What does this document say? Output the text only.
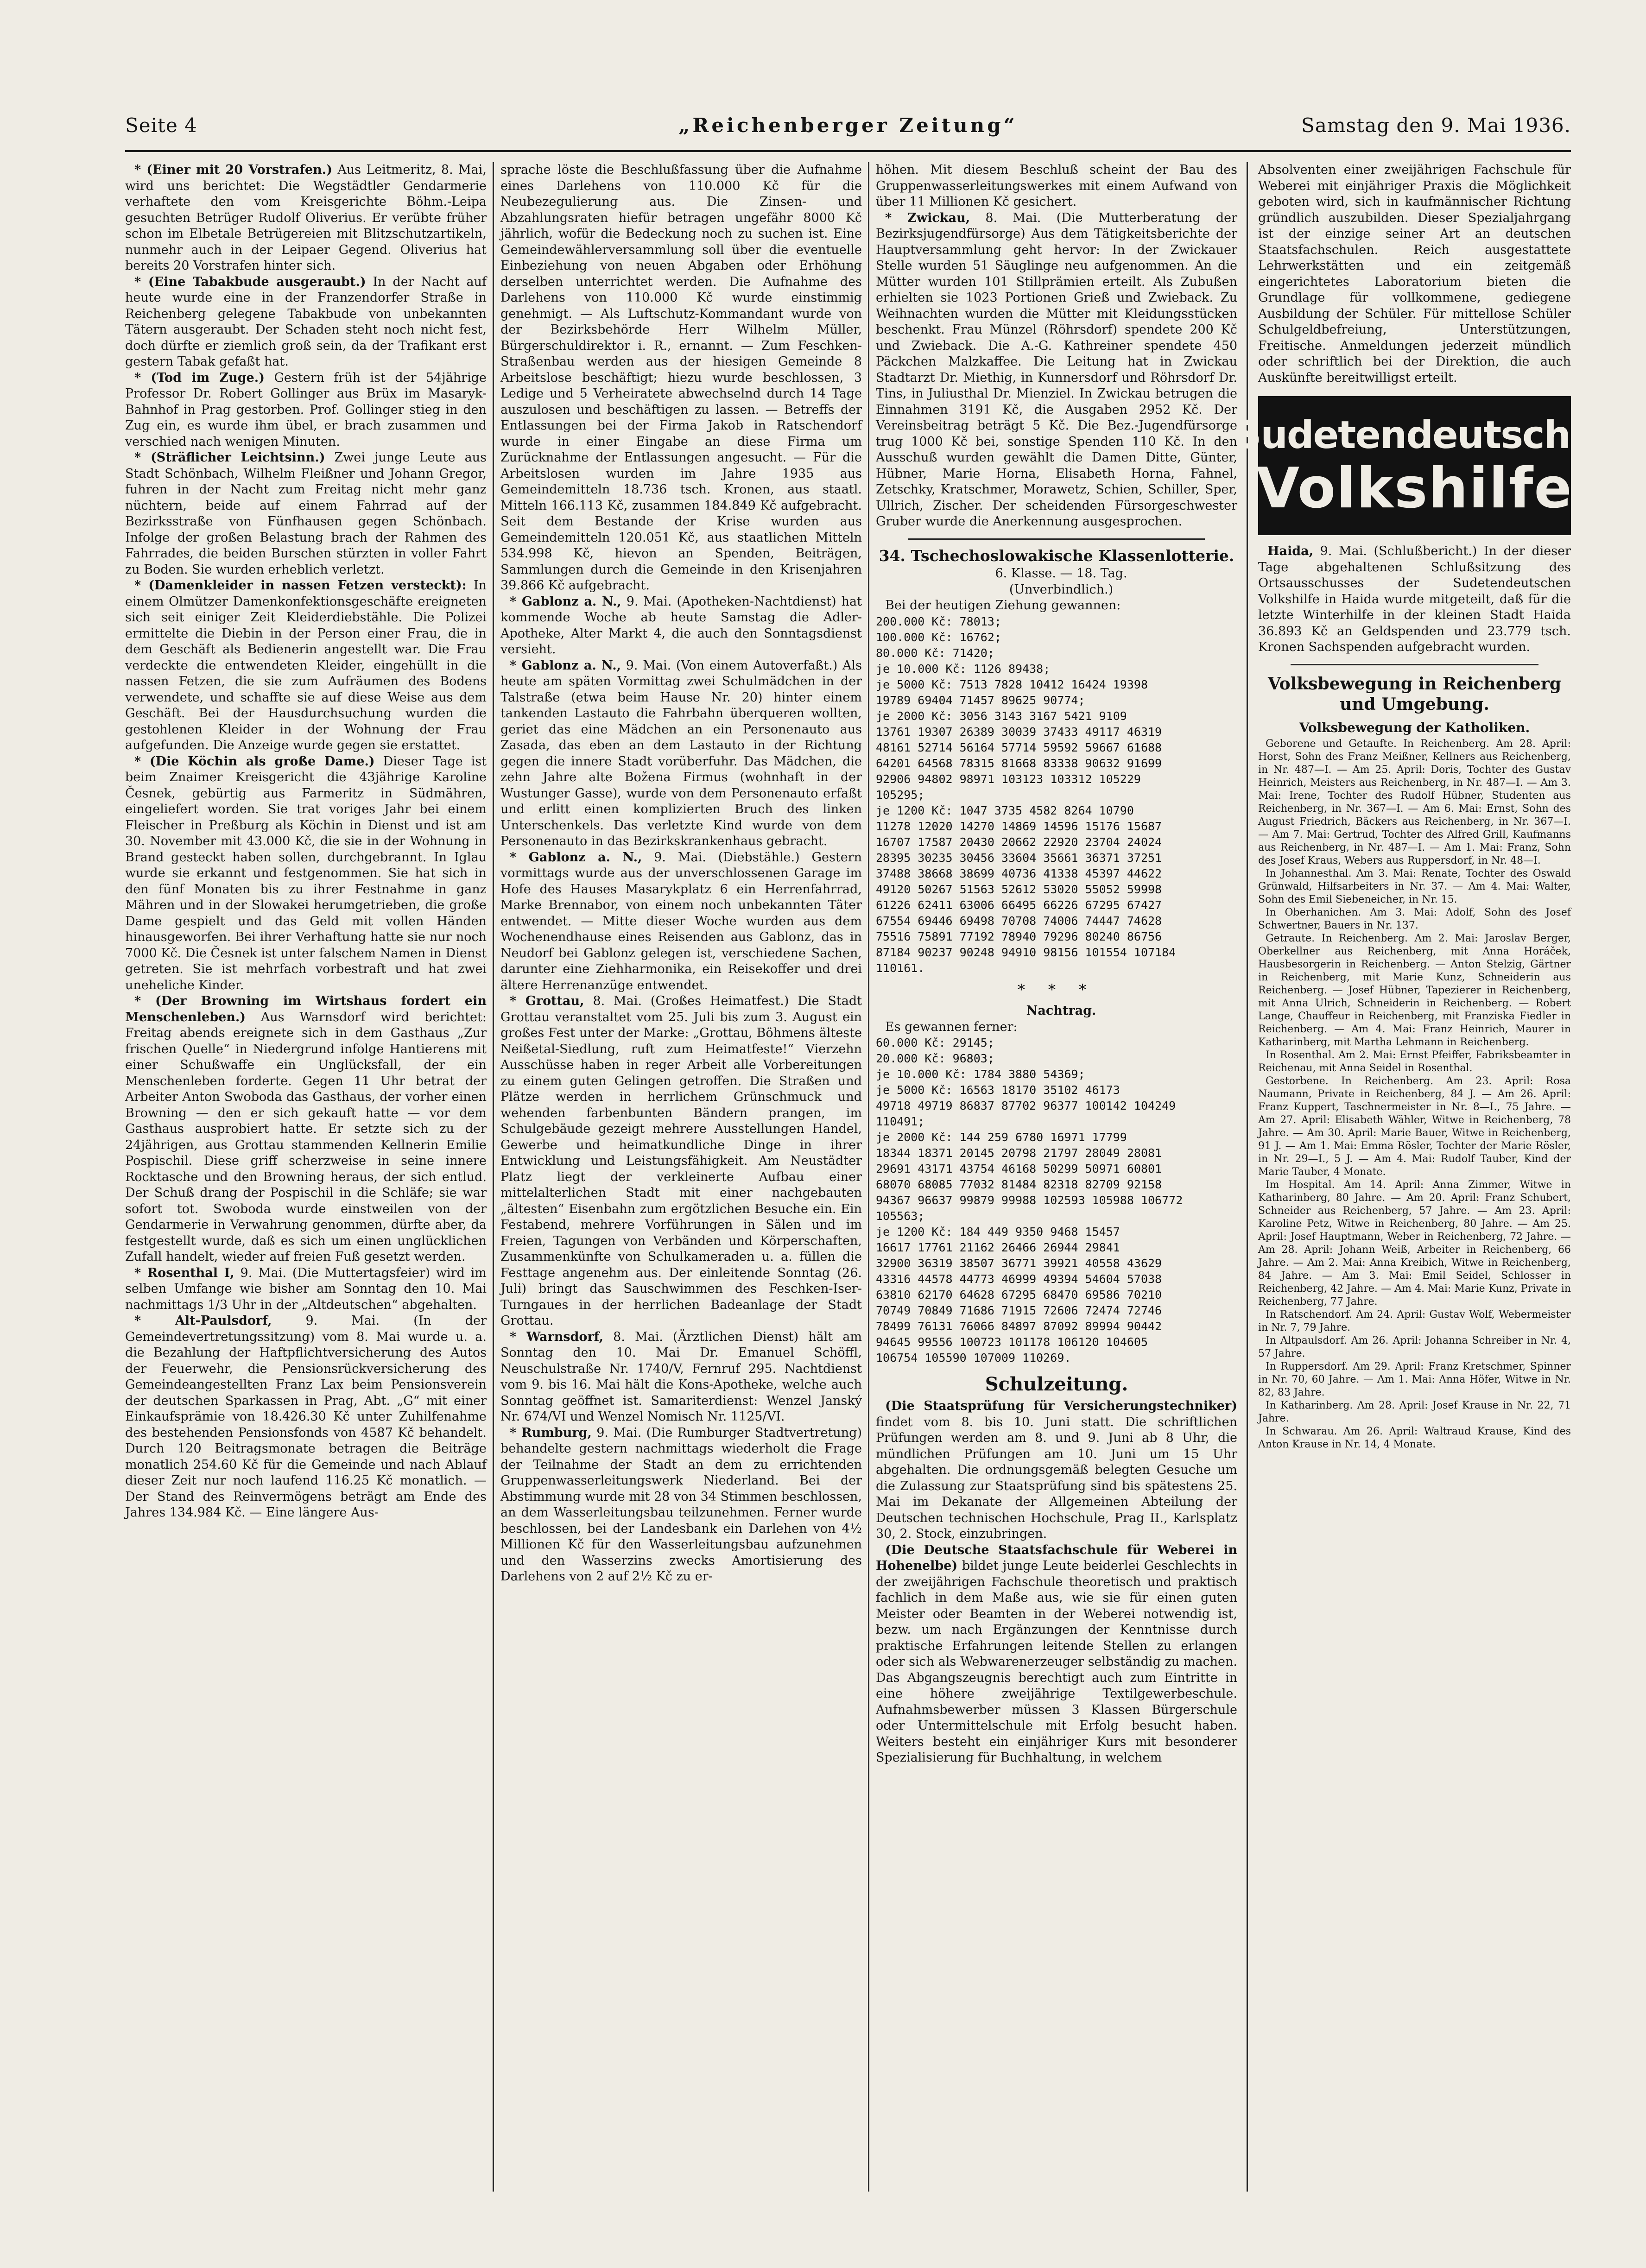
Seite 4	„Reichenberger Zeitung“	Samstag den 9. Mai 1936.

* (Einer mit 20 Vorstrafen.) Aus Leitmeritz, 8. Mai, wird uns berichtet: Die Wegstädtler Gendarmerie verhaftete den vom Kreisgerichte Böhm.-Leipa gesuchten Betrüger Rudolf Oliverius. Er verübte früher schon im Elbetale Betrügereien mit Blitzschutzartikeln, nunmehr auch in der Leipaer Gegend. Oliverius hat bereits 20 Vorstrafen hinter sich.

* (Eine Tabakbude ausgeraubt.) In der Nacht auf heute wurde eine in der Franzendorfer Straße in Reichenberg gelegene Tabakbude von unbekannten Tätern ausgeraubt. Der Schaden steht noch nicht fest, doch dürfte er ziemlich groß sein, da der Trafikant erst gestern Tabak gefaßt hat.

* (Tod im Zuge.) Gestern früh ist der 54jährige Professor Dr. Robert Gollinger aus Brüx im Masaryk-Bahnhof in Prag gestorben. Prof. Gollinger stieg in den Zug ein, es wurde ihm übel, er brach zusammen und verschied nach wenigen Minuten.

* (Sträflicher Leichtsinn.) Zwei junge Leute aus Stadt Schönbach, Wilhelm Fleißner und Johann Gregor, fuhren in der Nacht zum Freitag nicht mehr ganz nüchtern, beide auf einem Fahrrad auf der Bezirksstraße von Fünfhausen gegen Schönbach. Infolge der großen Belastung brach der Rahmen des Fahrrades, die beiden Burschen stürzten in voller Fahrt zu Boden. Sie wurden erheblich verletzt.

* (Damenkleider in nassen Fetzen versteckt): In einem Olmützer Damenkonfektionsgeschäfte ereigneten sich seit einiger Zeit Kleiderdiebstähle. Die Polizei ermittelte die Diebin in der Person einer Frau, die in dem Geschäft als Bedienerin angestellt war. Die Frau verdeckte die entwendeten Kleider, eingehüllt in die nassen Fetzen, die sie zum Aufräumen des Bodens verwendete, und schaffte sie auf diese Weise aus dem Geschäft. Bei der Hausdurchsuchung wurden die gestohlenen Kleider in der Wohnung der Frau aufgefunden. Die Anzeige wurde gegen sie erstattet.

* (Die Köchin als große Dame.) Dieser Tage ist beim Znaimer Kreisgericht die 43jährige Karoline Česnek, gebürtig aus Farmeritz in Südmähren, eingeliefert worden. Sie trat voriges Jahr bei einem Fleischer in Preßburg als Köchin in Dienst und ist am 30. November mit 43.000 Kč, die sie in der Wohnung in Brand gesteckt haben sollen, durchgebrannt. In Iglau wurde sie erkannt und festgenommen. Sie hat sich in den fünf Monaten bis zu ihrer Festnahme in ganz Mähren und in der Slowakei herumgetrieben, die große Dame gespielt und das Geld mit vollen Händen hinausgeworfen. Bei ihrer Verhaftung hatte sie nur noch 7000 Kč. Die Česnek ist unter falschem Namen in Dienst getreten. Sie ist mehrfach vorbestraft und hat zwei uneheliche Kinder.

* (Der Browning im Wirtshaus fordert ein Menschenleben.) Aus Warnsdorf wird berichtet: Freitag abends ereignete sich in dem Gasthaus „Zur frischen Quelle“ in Niedergrund infolge Hantierens mit einer Schußwaffe ein Unglücksfall, der ein Menschenleben forderte. Gegen 11 Uhr betrat der Arbeiter Anton Swoboda das Gasthaus, der vorher einen Browning — den er sich gekauft hatte — vor dem Gasthaus ausprobiert hatte. Er setzte sich zu der 24jährigen, aus Grottau stammenden Kellnerin Emilie Pospischil. Diese griff scherzweise in seine innere Rocktasche und den Browning heraus, der sich entlud. Der Schuß drang der Pospischil in die Schläfe; sie war sofort tot. Swoboda wurde einstweilen von der Gendarmerie in Verwahrung genommen, dürfte aber, da festgestellt wurde, daß es sich um einen unglücklichen Zufall handelt, wieder auf freien Fuß gesetzt werden.

* Rosenthal I, 9. Mai. (Die Muttertagsfeier) wird im selben Umfange wie bisher am Sonntag den 10. Mai nachmittags 1/3 Uhr in der „Altdeutschen“ abgehalten.

* Alt-Paulsdorf,	9. Mai. (In der Gemeindevertretungssitzung) vom 8. Mai wurde u. a. die Bezahlung der Haftpflichtversicherung des Autos der Feuerwehr, die Pensionsrückversicherung des Gemeindeangestellten Franz Lax beim Pensionsverein der deutschen Sparkassen in Prag, Abt. „G“ mit einer Einkaufsprämie von 18.426.30 Kč unter Zuhilfenahme des bestehenden Pensionsfonds von 4587 Kč behandelt. Durch 120 Beitragsmonate betragen die Beiträge monatlich 254.60 Kč für die Gemeinde und nach Ablauf dieser Zeit nur noch laufend 116.25 Kč monatlich. — Der Stand des Reinvermögens beträgt am Ende des Jahres 134.984 Kč. — Eine längere Aus-

sprache löste die Beschlußfassung über die Aufnahme eines Darlehens von 110.000 Kč für die Neubezegulierung aus. Die Zinsen- und Abzahlungsraten hiefür betragen ungefähr 8000 Kč jährlich, wofür die Bedeckung noch zu suchen ist. Eine Gemeindewählerversammlung soll über die eventuelle Einbeziehung von neuen Abgaben oder Erhöhung derselben unterrichtet werden. Die Aufnahme des Darlehens von 110.000 Kč wurde einstimmig genehmigt. — Als Luftschutz-Kommandant wurde von der Bezirksbehörde Herr Wilhelm Müller, Bürgerschuldirektor i. R., ernannt. — Zum Feschken-Straßenbau werden aus der hiesigen Gemeinde 8 Arbeitslose beschäftigt; hiezu wurde beschlossen, 3 Ledige und 5 Verheiratete abwechselnd durch 14 Tage auszulosen und beschäftigen zu lassen. — Betreffs der Entlassungen bei der Firma Jakob in Ratschendorf wurde in einer Eingabe an diese Firma um Zurücknahme der Entlassungen angesucht. — Für die Arbeitslosen wurden im Jahre 1935 aus Gemeindemitteln 18.736 tsch. Kronen, aus staatl. Mitteln 166.113 Kč, zusammen 184.849 Kč aufgebracht. Seit dem Bestande der Krise wurden aus Gemeindemitteln 120.051 Kč, aus staatlichen Mitteln 534.998 Kč, hievon an Spenden, Beiträgen, Sammlungen durch die Gemeinde in den Krisenjahren 39.866 Kč aufgebracht.

* Gablonz a. N., 9. Mai. (Apotheken-Nachtdienst) hat kommende Woche ab heute Samstag die Adler-Apotheke, Alter Markt 4, die auch den Sonntagsdienst versieht.

* Gablonz a. N., 9. Mai. (Von einem Autoverfaßt.) Als heute am späten Vormittag zwei Schulmädchen in der Talstraße (etwa beim Hause Nr. 20) hinter einem tankenden Lastauto die Fahrbahn überqueren wollten, geriet das eine Mädchen an ein Personenauto aus Zasada, das eben an dem Lastauto in der Richtung gegen die innere Stadt vorüberfuhr. Das Mädchen, die zehn Jahre alte Božena Firmus (wohnhaft in der Wustunger Gasse), wurde von dem Personenauto erfaßt und erlitt einen komplizierten Bruch des linken Unterschenkels. Das verletzte Kind wurde von dem Personenauto in das Bezirkskrankenhaus gebracht.

* Gablonz a. N., 9. Mai. (Diebstähle.) Gestern vormittags wurde aus der unverschlossenen Garage im Hofe des Hauses Masarykplatz 6 ein Herrenfahrrad, Marke Brennabor, von einem noch unbekannten Täter entwendet. — Mitte dieser Woche wurden aus dem Wochenendhause eines Reisenden aus Gablonz, das in Neudorf bei Gablonz gelegen ist, verschiedene Sachen, darunter eine Ziehharmonika, ein Reisekoffer und drei ältere Herrenanzüge entwendet.

* Grottau, 8. Mai. (Großes Heimatfest.) Die Stadt Grottau veranstaltet vom 25. Juli bis zum 3. August ein großes Fest unter der Marke: „Grottau, Böhmens älteste Neißetal-Siedlung, ruft zum Heimatfeste!“ Vierzehn Ausschüsse haben in reger Arbeit alle Vorbereitungen zu einem guten Gelingen getroffen. Die Straßen und Plätze werden in herrlichem Grünschmuck und wehenden farbenbunten Bändern prangen, im Schulgebäude gezeigt mehrere Ausstellungen Handel, Gewerbe und heimatkundliche Dinge in ihrer Entwicklung und Leistungsfähigkeit. Am Neustädter Platz liegt der verkleinerte Aufbau einer mittelalterlichen Stadt mit einer nachgebauten „ältesten“ Eisenbahn zum ergötzlichen Besuche ein. Ein Festabend, mehrere Vorführungen in Sälen und im Freien, Tagungen von Verbänden und Körperschaften, Zusammenkünfte von Schulkameraden u. a. füllen die Festtage angenehm aus. Der einleitende Sonntag (26. Juli) bringt das Sauschwimmen des Feschken-Iser-Turngaues in der herrlichen Badeanlage der Stadt Grottau.

* Warnsdorf, 8. Mai. (Ärztlichen Dienst) hält am Sonntag den 10. Mai Dr. Emanuel Schöffl, Neuschulstraße Nr. 1740/V, Fernruf 295. Nachtdienst vom 9. bis 16. Mai hält die Kons-Apotheke, welche auch Sonntag geöffnet ist. Samariterdienst: Wenzel Janský Nr. 674/VI und Wenzel Nomisch Nr. 1125/VI.

* Rumburg, 9. Mai. (Die Rumburger Stadtvertretung) behandelte gestern nachmittags wiederholt die Frage der Teilnahme der Stadt an dem zu errichtenden Gruppenwasserleitungswerk Niederland. Bei der Abstimmung wurde mit 28 von 34 Stimmen beschlossen, an dem Wasserleitungsbau teilzunehmen. Ferner wurde beschlossen, bei der Landesbank ein Darlehen von 4½ Millionen Kč für den Wasserleitungsbau aufzunehmen und den Wasserzins zwecks Amortisierung des Darlehens von 2 auf 2½ Kč zu er-

höhen. Mit diesem Beschluß scheint der Bau des Gruppenwasserleitungswerkes mit einem Aufwand von über 11 Millionen Kč gesichert.

* Zwickau, 8. Mai. (Die Mutterberatung der Bezirksjugendfürsorge) Aus dem Tätigkeitsberichte der Hauptversammlung geht hervor: In der Zwickauer Stelle wurden 51 Säuglinge neu aufgenommen. An die Mütter wurden 101 Stillprämien erteilt. Als Zubußen erhielten sie 1023 Portionen Grieß und Zwieback. Zu Weihnachten wurden die Mütter mit Kleidungsstücken beschenkt. Frau Münzel (Röhrsdorf) spendete 200 Kč und Zwieback. Die A.-G. Kathreiner spendete 450 Päckchen Malzkaffee. Die Leitung hat in Zwickau Stadtarzt Dr. Miethig, in Kunnersdorf und Röhrsdorf Dr. Tins, in Juliusthal Dr. Mienziel. In Zwickau betrugen die Einnahmen 3191 Kč, die Ausgaben 2952 Kč. Der Vereinsbeitrag beträgt 5 Kč. Die Bez.-Jugendfürsorge trug 1000 Kč bei, sonstige Spenden 110 Kč. In den Ausschuß wurden gewählt die Damen Ditte, Günter, Hübner, Marie Horna, Elisabeth Horna, Fahnel, Zetschky, Kratschmer, Morawetz, Schien, Schiller, Sper, Ullrich, Zischer. Der scheidenden Fürsorgeschwester Gruber wurde die Anerkennung ausgesprochen.

34. Tschechoslowakische Klassenlotterie.

6. Klasse. — 18. Tag.

(Unverbindlich.)

Bei der heutigen Ziehung gewannen:

200.000 Kč: 78013;

100.000 Kč: 16762;

80.000 Kč: 71420;

je 10.000 Kč: 1126 89438;

je 5000 Kč: 7513 7828 10412 16424 19398

19789 69404 71457 89625 90774;

je 2000 Kč: 3056 3143 3167 5421 9109

13761 19307 26389 30039 37433 49117 46319

48161 52714 56164 57714 59592 59667 61688

64201 64568 78315 81668 83338 90632 91699

92906 94802 98971 103123 103312 105229

105295;

je 1200 Kč: 1047 3735 4582 8264 10790

11278 12020 14270 14869 14596 15176 15687

16707 17587 20430 20662 22920 23704 24024

28395 30235 30456 33604 35661 36371 37251

37488 38668 38699 40736 41338 45397 44622

49120 50267 51563 52612 53020 55052 59998

61226 62411 63006 66495 66226 67295 67427

67554 69446 69498 70708 74006 74447 74628

75516 75891 77192 78940 79296 80240 86756

87184 90237 90248 94910 98156 101554 107184

110161.

* * *

Nachtrag.

Es gewannen ferner:

60.000 Kč: 29145;

20.000 Kč: 96803;

je 10.000 Kč: 1784 3880 54369;

je 5000 Kč: 16563 18170 35102 46173

49718 49719 86837 87702 96377 100142 104249

110491;

je 2000 Kč: 144 259 6780 16971 17799

18344 18371 20145 20798 21797 28049 28081

29691 43171 43754 46168 50299 50971 60801

68070 68085 77032 81484 82318 82709 92158

94367 96637 99879 99988 102593 105988 106772

105563;

je 1200 Kč: 184 449 9350 9468 15457

16617 17761 21162 26466 26944 29841

32900 36319 38507 36771 39921 40558 43629

43316 44578 44773 46999 49394 54604 57038

63810 62170 64628 67295 68470 69586 70210

70749 70849 71686 71915 72606 72474 72746

78499 76131 76066 84897 87092 89994 90442

94645 99556 100723 101178 106120 104605

106754 105590 107009 110269.

Schulzeitung.

(Die Staatsprüfung für Versicherungstechniker) findet vom 8. bis 10. Juni statt. Die schriftlichen Prüfungen werden am 8. und 9. Juni ab 8 Uhr, die mündlichen Prüfungen am 10. Juni um 15 Uhr abgehalten. Die ordnungsgemäß belegten Gesuche um die Zulassung zur Staatsprüfung sind bis spätestens 25. Mai im Dekanate der Allgemeinen Abteilung der Deutschen technischen Hochschule, Prag II., Karlsplatz 30, 2. Stock, einzubringen.

(Die Deutsche Staatsfachschule für Weberei in Hohenelbe) bildet junge Leute beiderlei Geschlechts in der zweijährigen Fachschule theoretisch und praktisch fachlich in dem Maße aus, wie sie für einen guten Meister oder Beamten in der Weberei notwendig ist, bezw. um nach Ergänzungen der Kenntnisse durch praktische Erfahrungen leitende Stellen zu erlangen oder sich als Webwarenerzeuger selbständig zu machen. Das Abgangszeugnis berechtigt auch zum Eintritte in eine höhere zweijährige Textilgewerbeschule. Aufnahmsbewerber müssen 3 Klassen Bürgerschule oder Untermittelschule mit Erfolg besucht haben. Weiters besteht ein einjähriger Kurs mit besonderer Spezialisierung für Buchhaltung, in welchem

Absolventen einer zweijährigen Fachschule für Weberei mit einjähriger Praxis die Möglichkeit geboten wird, sich in kaufmännischer Richtung gründlich auszubilden. Dieser Spezialjahrgang ist der einzige seiner Art an deutschen Staatsfachschulen. Reich ausgestattete Lehrwerkstätten und ein zeitgemäß eingerichtetes Laboratorium bieten die Grundlage für vollkommene, gediegene Ausbildung der Schüler. Für mittellose Schüler Schulgeldbefreiung, Unterstützungen, Freitische. Anmeldungen jederzeit mündlich oder schriftlich bei der Direktion, die auch Auskünfte bereitwilligst erteilt.

Sudetendeutsche
Volkshilfe

Haida, 9. Mai. (Schlußbericht.) In der dieser Tage abgehaltenen Schlußsitzung des Ortsausschusses der Sudetendeutschen Volkshilfe in Haida wurde mitgeteilt, daß für die letzte Winterhilfe in der kleinen Stadt Haida 36.893 Kč an Geldspenden und 23.779 tsch. Kronen Sachspenden aufgebracht wurden.

Volksbewegung in Reichenberg und Umgebung.
Volksbewegung der Katholiken.

Geborene und Getaufte. In Reichenberg. Am 28. April: Horst, Sohn des Franz Meißner, Kellners aus Reichenberg, in Nr. 487—I. — Am 25. April: Doris, Tochter des Gustav Heinrich, Meisters aus Reichenberg, in Nr. 487—I. — Am 3. Mai: Irene, Tochter des Rudolf Hübner, Studenten aus Reichenberg, in Nr. 367—I. — Am 6. Mai: Ernst, Sohn des August Friedrich, Bäckers aus Reichenberg, in Nr. 367—I. — Am 7. Mai: Gertrud, Tochter des Alfred Grill, Kaufmanns aus Reichenberg, in Nr. 487—I. — Am 1. Mai: Franz, Sohn des Josef Kraus, Webers aus Ruppersdorf, in Nr. 48—I.

In Johannesthal. Am 3. Mai: Renate, Tochter des Oswald Grünwald, Hilfsarbeiters in Nr. 37. — Am 4. Mai: Walter, Sohn des Emil Siebeneicher, in Nr. 15.

In Oberhanichen. Am 3. Mai: Adolf, Sohn des Josef Schwertner, Bauers in Nr. 137.

Getraute. In Reichenberg. Am 2. Mai: Jaroslav Berger, Oberkellner aus Reichenberg, mit Anna Horáček, Hausbesorgerin in Reichenberg. — Anton Stelzig, Gärtner in Reichenberg, mit Marie Kunz, Schneiderin aus Reichenberg. — Josef Hübner, Tapezierer in Reichenberg, mit Anna Ulrich, Schneiderin in Reichenberg. — Robert Lange, Chauffeur in Reichenberg, mit Franziska Fiedler in Reichenberg. — Am 4. Mai: Franz Heinrich, Maurer in Katharinberg, mit Martha Lehmann in Reichenberg.

In Rosenthal. Am 2. Mai: Ernst Pfeiffer, Fabriksbeamter in Reichenau, mit Anna Seidel in Rosenthal.

Gestorbene. In Reichenberg. Am 23. April: Rosa Naumann, Private in Reichenberg, 84 J. — Am 26. April: Franz Kuppert, Taschnermeister in Nr. 8—I., 75 Jahre. — Am 27. April: Elisabeth Wähler, Witwe in Reichenberg, 78 Jahre. — Am 30. April: Marie Bauer, Witwe in Reichenberg, 91 J. — Am 1. Mai: Emma Rösler, Tochter der Marie Rösler, in Nr. 29—I., 5 J. — Am 4. Mai: Rudolf Tauber, Kind der Marie Tauber, 4 Monate.

Im Hospital. Am 14. April: Anna Zimmer, Witwe in Katharinberg, 80 Jahre. — Am 20. April: Franz Schubert, Schneider aus Reichenberg, 57 Jahre. — Am 23. April: Karoline Petz, Witwe in Reichenberg, 80 Jahre. — Am 25. April: Josef Hauptmann, Weber in Reichenberg, 72 Jahre. — Am 28. April: Johann Weiß, Arbeiter in Reichenberg, 66 Jahre. — Am 2. Mai: Anna Kreibich, Witwe in Reichenberg, 84 Jahre. — Am 3. Mai: Emil Seidel, Schlosser in Reichenberg, 42 Jahre. — Am 4. Mai: Marie Kunz, Private in Reichenberg, 77 Jahre.

In Ratschendorf. Am 24. April: Gustav Wolf, Webermeister in Nr. 7, 79 Jahre.

In Altpaulsdorf. Am 26. April: Johanna Schreiber in Nr. 4, 57 Jahre.

In Ruppersdorf. Am 29. April: Franz Kretschmer, Spinner in Nr. 70, 60 Jahre. — Am 1. Mai: Anna Höfer, Witwe in Nr. 82, 83 Jahre.

In Katharinberg. Am 28. April: Josef Krause in Nr. 22, 71 Jahre.

In Schwarau. Am 26. April: Waltraud Krause, Kind des Anton Krause in Nr. 14, 4 Monate.
